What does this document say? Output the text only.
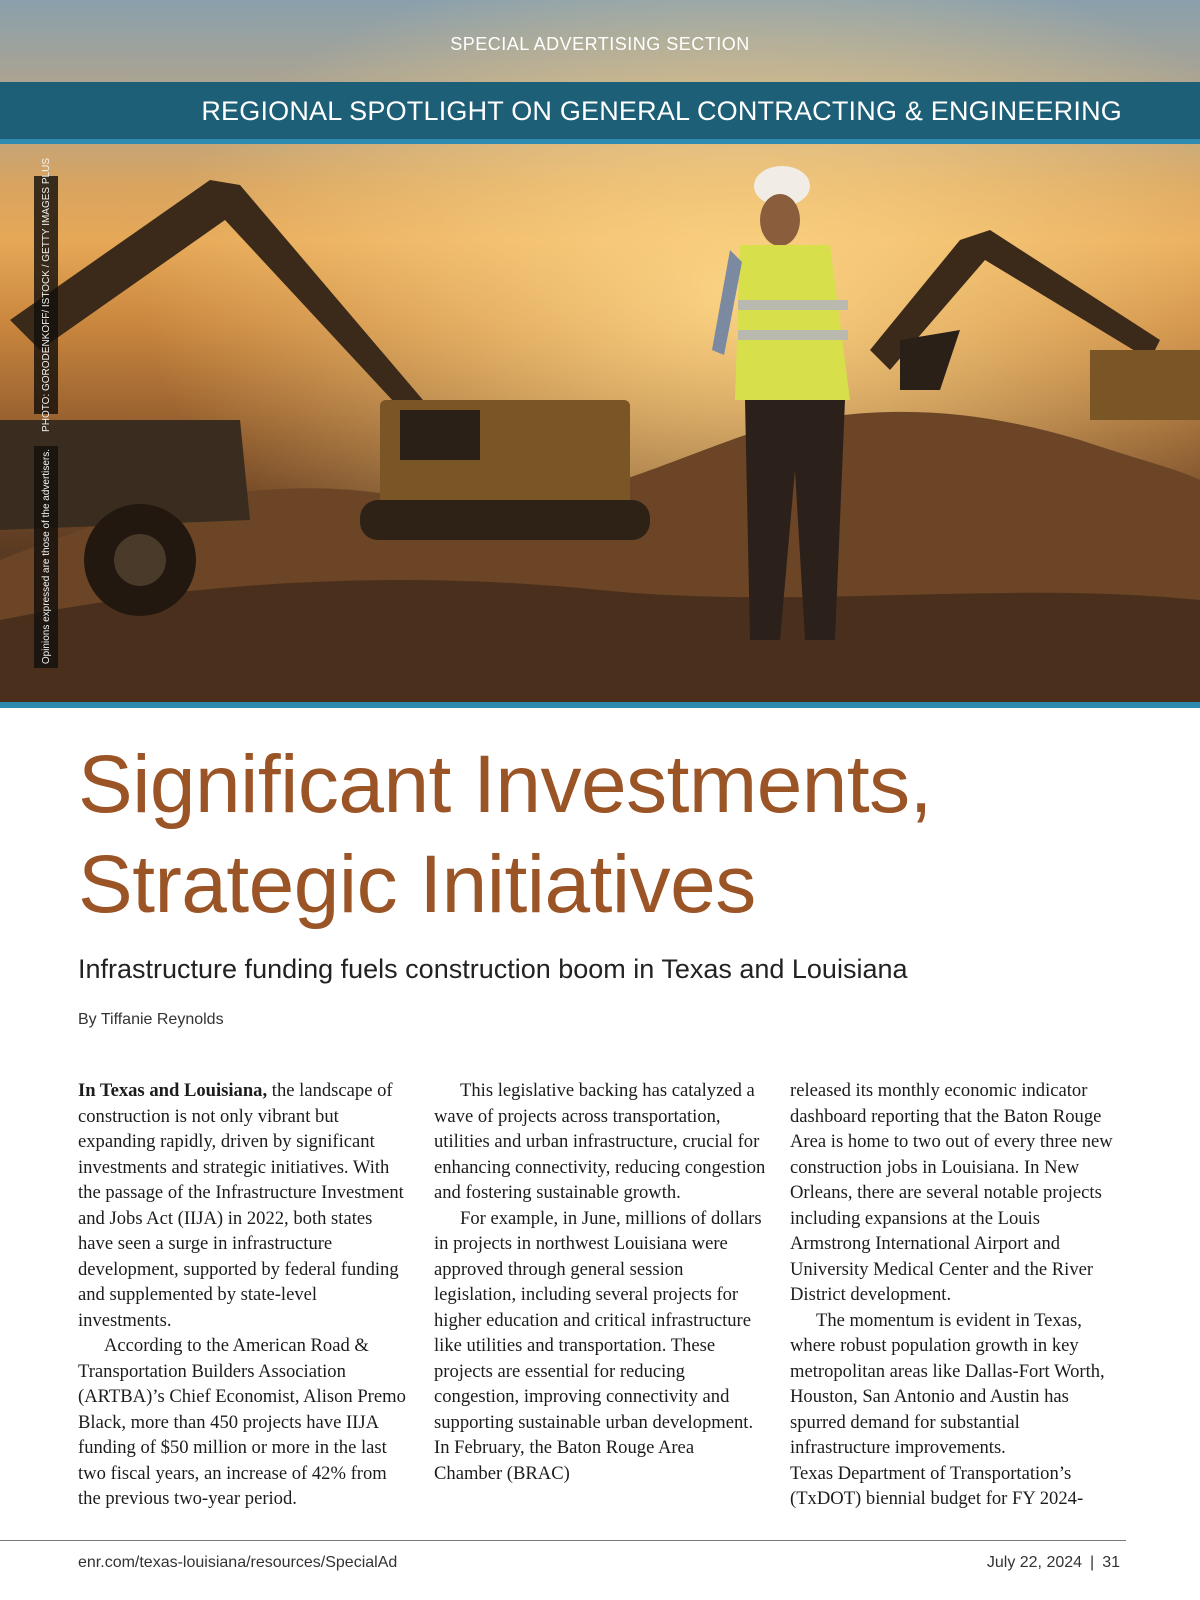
SPECIAL ADVERTISING SECTION
REGIONAL SPOTLIGHT ON GENERAL CONTRACTING & ENGINEERING
PHOTO: GORODENKOFF/ ISTOCK / GETTY IMAGES PLUS
Opinions expressed are those of the advertisers.
Significant Investments,
Strategic Initiatives
Infrastructure funding fuels construction boom in Texas and Louisiana
By Tiffanie Reynolds

In Texas and Louisiana, the landscape of construction is not only vibrant but expanding rapidly, driven by significant investments and strategic initiatives. With the passage of the Infrastructure Investment and Jobs Act (IIJA) in 2022, both states have seen a surge in infrastructure development, supported by federal funding and supplemented by state-level investments.

According to the American Road & Transportation Builders Association (ARTBA)’s Chief Economist, Alison Premo Black, more than 450 projects have IIJA funding of $50 million or more in the last two fiscal years, an increase of 42% from the previous two-year period.

This legislative backing has catalyzed a wave of projects across transportation, utilities and urban infrastructure, crucial for enhancing connectivity, reducing congestion and fostering sustainable growth.

For example, in June, millions of dollars in projects in northwest Louisiana were approved through general session legislation, including several projects for higher education and critical infrastructure like utilities and transportation. These projects are essential for reducing congestion, improving connectivity and supporting sustainable urban development. In February, the Baton Rouge Area Chamber (BRAC)

released its monthly economic indicator dashboard reporting that the Baton Rouge Area is home to two out of every three new construction jobs in Louisiana. In New Orleans, there are several notable projects including expansions at the Louis Armstrong International Airport and University Medical Center and the River District development.

The momentum is evident in Texas, where robust population growth in key metropolitan areas like Dallas-Fort Worth, Houston, San Antonio and Austin has spurred demand for substantial infrastructure improvements.

Texas Department of Transportation’s (TxDOT) biennial budget for FY 2024-

enr.com/texas-louisiana/resources/SpecialAd	July 22, 2024 | 31
